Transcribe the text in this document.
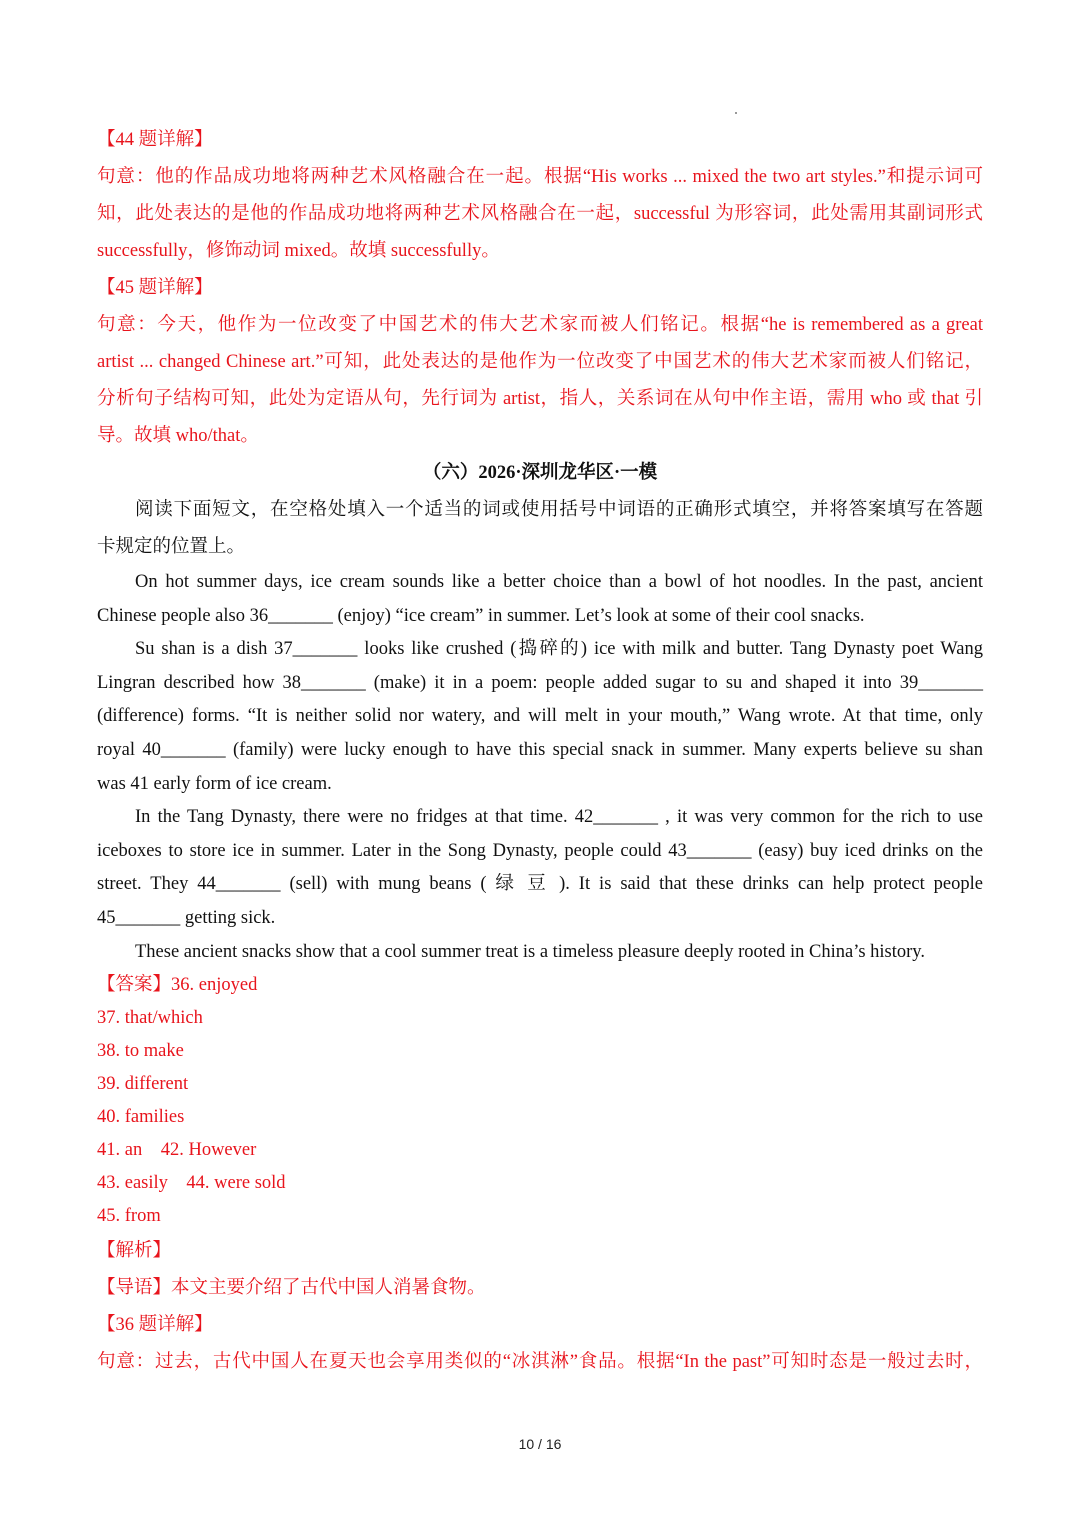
【44 题详解】
句意：他的作品成功地将两种艺术风格融合在一起。根据“His works ... mixed the two art styles.”和提示词可
知，此处表达的是他的作品成功地将两种艺术风格融合在一起，successful 为形容词，此处需用其副词形式
successfully，修饰动词 mixed。故填 successfully。
【45 题详解】
句意：今天，他作为一位改变了中国艺术的伟大艺术家而被人们铭记。根据“he is remembered as a great
artist ... changed Chinese art.”可知，此处表达的是他作为一位改变了中国艺术的伟大艺术家而被人们铭记，
分析句子结构可知，此处为定语从句，先行词为 artist，指人，关系词在从句中作主语，需用 who 或 that 引
导。故填 who/that。
（六）2026·深圳龙华区·一模
阅读下面短文，在空格处填入一个适当的词或使用括号中词语的正确形式填空，并将答案填写在答题
卡规定的位置上。
On hot summer days, ice cream sounds like a better choice than a bowl of hot noodles. In the past, ancient
Chinese people also 36_______ (enjoy) “ice cream” in summer. Let’s look at some of their cool snacks.
Su shan is a dish 37_______ looks like crushed (捣碎的) ice with milk and butter. Tang Dynasty poet Wang
Lingran described how 38_______ (make) it in a poem: people added sugar to su and shaped it into 39_______
(difference) forms. “It is neither solid nor watery, and will melt in your mouth,” Wang wrote. At that time, only
royal 40_______ (family) were lucky enough to have this special snack in summer. Many experts believe su shan
was 41 early form of ice cream.
In the Tang Dynasty, there were no fridges at that time. 42_______ , it was very common for the rich to use
iceboxes to store ice in summer. Later in the Song Dynasty, people could 43_______ (easy) buy iced drinks on the
street. They 44_______ (sell) with mung beans ( 绿 豆 ). It is said that these drinks can help protect people
45_______ getting sick.
These ancient snacks show that a cool summer treat is a timeless pleasure deeply rooted in China’s history.
【答案】36. enjoyed
37. that/which
38. to make
39. different
40. families
41. an    42. However
43. easily    44. were sold
45. from
【解析】
【导语】本文主要介绍了古代中国人消暑食物。
【36 题详解】
句意：过去，古代中国人在夏天也会享用类似的“冰淇淋”食品。根据“In the past”可知时态是一般过去时，
10 / 16
